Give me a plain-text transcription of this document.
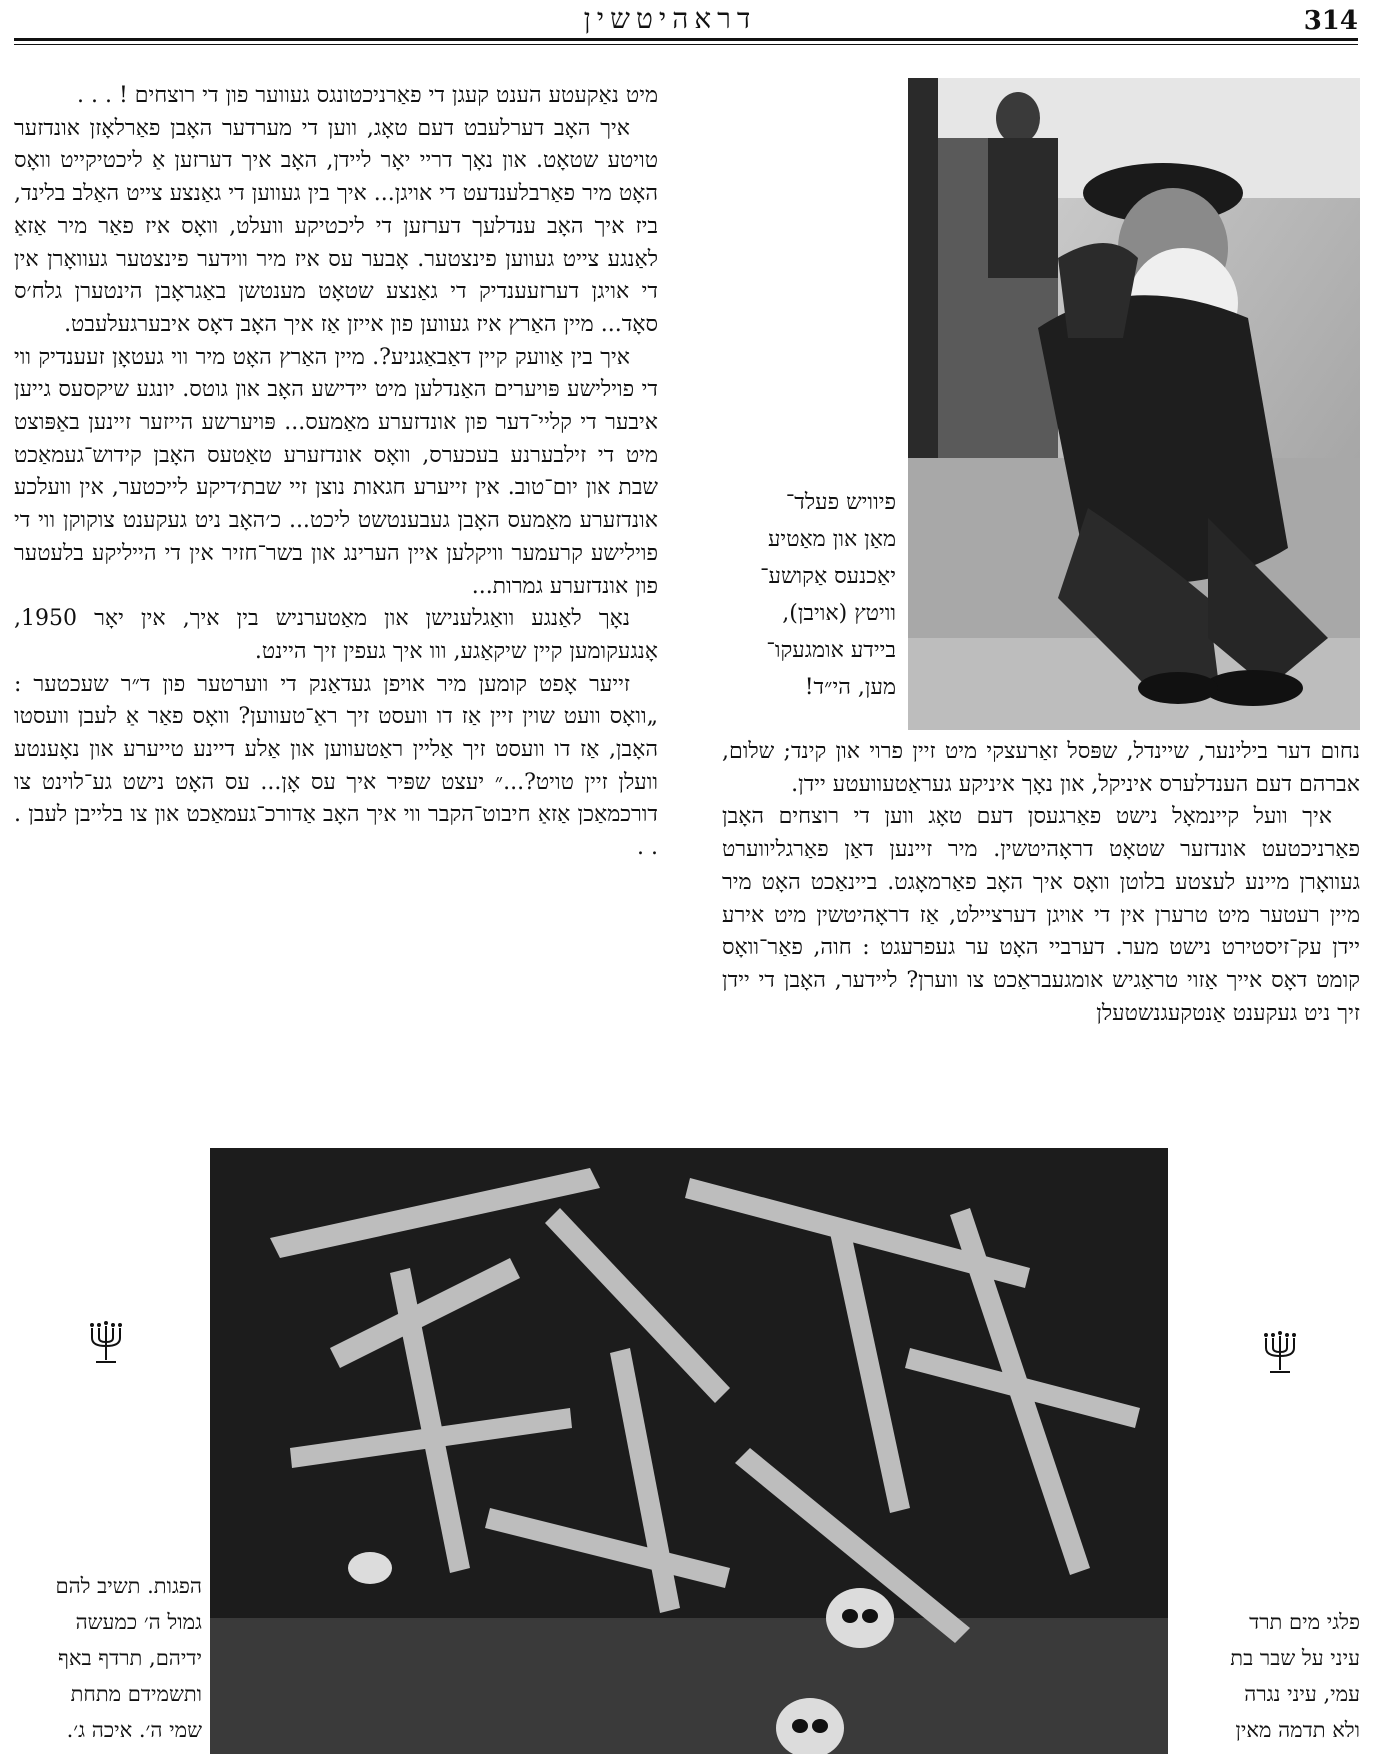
314
דראהיטשין
פיוויש פעלד־
מאַן און מאַטיע
יאַכנעס אַקושע־
וויטץ (אויבן),
ביידע אומגעקו־
מען, הי״ד!

מיט נאַקעטע הענט קעגן די פאַרניכטונגס געווער פון די רוצחים ! . . .

איך האָב דערלעבט דעם טאָג, ווען די מערדער האָבן פאַרלאָזן אונדזער טויטע שטאָט. און נאָך דריי יאָר ליידן, האָב איך דערזען אַ ליכטיקייט וואָס האָט מיר פאַרבלענדעט די אויגן... איך בין געווען די גאַנצע צייט האַלב בלינד, ביז איך האָב ענדלעך דערזען די ליכטיקע וועלט, וואָס איז פאַר מיר אַזאַ לאַנגע צייט געווען פינצטער. אָבער עס איז מיר ווידער פינצטער געוואָרן אין די אויגן דערזעענדיק די גאַנצע שטאָט מענטשן באַגראָבן הינטערן גלח׳ס סאָד... מיין האַרץ איז געווען פון אייזן אַז איך האָב דאָס איבערגעלעבט.

איך בין אַוועק קיין דאַבאַגניע?. מיין האַרץ האָט מיר ווי געטאָן זעענדיק ווי די פוילישע פּויערים האַנדלען מיט יידישע האָב און גוטס. יונגע שיקסעס גייען איבער די קליי־דער פון אונדזערע מאַמעס... פּויערשע הייזער זיינען באַפּוצט מיט די זילבערנע בעכערס, וואָס אונדזערע טאַטעס האָבן קידוש־געמאַכט שבת און יום־טוב. אין זייערע חגאות נוצן זיי שבת׳דיקע לייכטער, אין וועלכע אונדזערע מאַמעס האָבן געבענטשט ליכט... כ׳האָב ניט געקענט צוקוקן ווי די פוילישע קרעמער וויקלען איין הערינג און בשר־חזיר אין די הייליקע בלעטער פון אונדזערע גמרות...

נאָך לאַנגע וואַגלענישן און מאַטערניש בין איך, אין יאָר 1950, אָנגעקומען קיין שיקאַגע, ווו איך געפין זיך היינט.

זייער אָפט קומען מיר אויפן געדאַנק די ווערטער פון ד״ר שעכטער : „וואָס וועט שוין זיין אַז דו וועסט זיך ראַ־טעווען? וואָס פאַר אַ לעבן וועסטו האָבן, אַז דו וועסט זיך אַליין ראַטעווען און אַלע דיינע טייערע און נאָענטע וועלן זיין טויט?...״ יעצט שפּיר איך עס אָן... עס האָט נישט גע־לוינט צו דורכמאַכן אַזאַ חיבוט־הקבר ווי איך האָב אַדורכ־געמאַכט און צו בלייבן לעבן . . .

נחום דער בילינער, שיינדל, שפּסל זאַרעצקי מיט זיין פרוי און קינד; שלום, אברהם דעם הענדלערס איניקל, און נאָך איניקע געראַטעוועטע יידן.

איך וועל קיינמאָל נישט פאַרגעסן דעם טאָג ווען די רוצחים האָבן פאַרניכטעט אונדזער שטאָט דראָהיטשין. מיר זיינען דאַן פאַרגליווערט געוואָרן מיינע לעצטע בלוטן וואָס איך האָב פאַרמאָגט. ביינאַכט האָט מיר מיין רעטער מיט טרערן אין די אויגן דערציילט, אַז דראָהיטשין מיט אירע יידן עק־זיסטירט נישט מער. דערביי האָט ער געפרעגט : חוה, פאַר־וואָס קומט דאָס אייך אַזוי טראַגיש אומגעבראַכט צו ווערן? ליידער, האָבן די יידן זיך ניט געקענט אַנטקעגנשטעלן

פלגי מים תרד
עיני על שבר בת
עמי, עיני נגרה
ולא תדמה מאין
הפגות. תשיב להם
גמול ה׳ כמעשה
ידיהם, תרדף באף
ותשמידם מתחת
שמי ה׳. איכה ג׳.
